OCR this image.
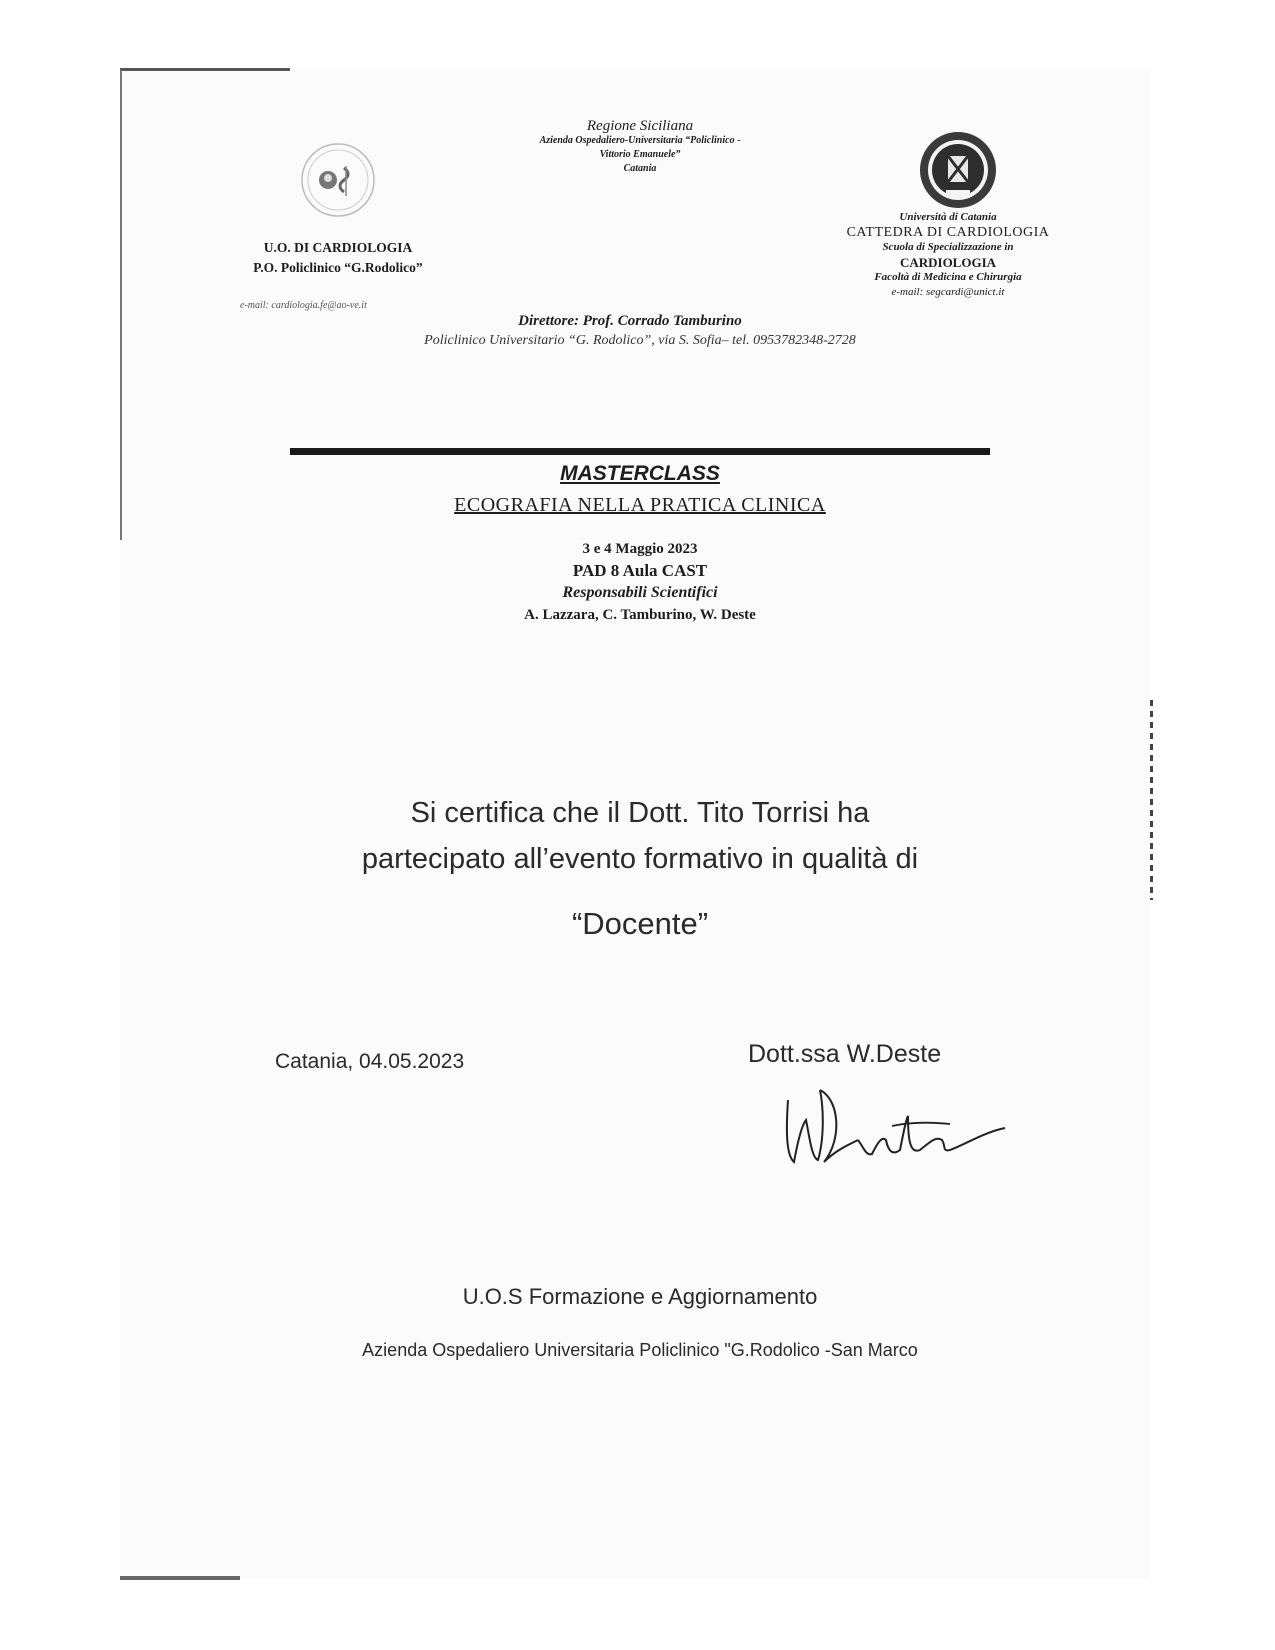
Regione Siciliana
Azienda Ospedaliero-Universitaria “Policlinico -
Vittorio Emanuele”
Catania
U.O. DI CARDIOLOGIA
P.O. Policlinico “G.Rodolico”
e-mail: cardiologia.fe@ao-ve.it
Università di Catania
CATTEDRA DI CARDIOLOGIA
Scuola di Specializzazione in
CARDIOLOGIA
Facoltà di Medicina e Chirurgia
e-mail: segcardi@unict.it
Direttore: Prof. Corrado Tamburino
Policlinico Universitario “G. Rodolico”, via S. Sofia– tel. 0953782348-2728
MASTERCLASS
ECOGRAFIA NELLA PRATICA CLINICA
3 e 4 Maggio 2023
PAD 8 Aula CAST
Responsabili Scientifici
A. Lazzara, C. Tamburino, W. Deste
Si certifica che il Dott. Tito Torrisi ha
partecipato all’evento formativo in qualità di
“Docente”
Catania, 04.05.2023	Dott.ssa W.Deste
U.O.S Formazione e Aggiornamento
Azienda Ospedaliero Universitaria Policlinico "G.Rodolico -San Marco
